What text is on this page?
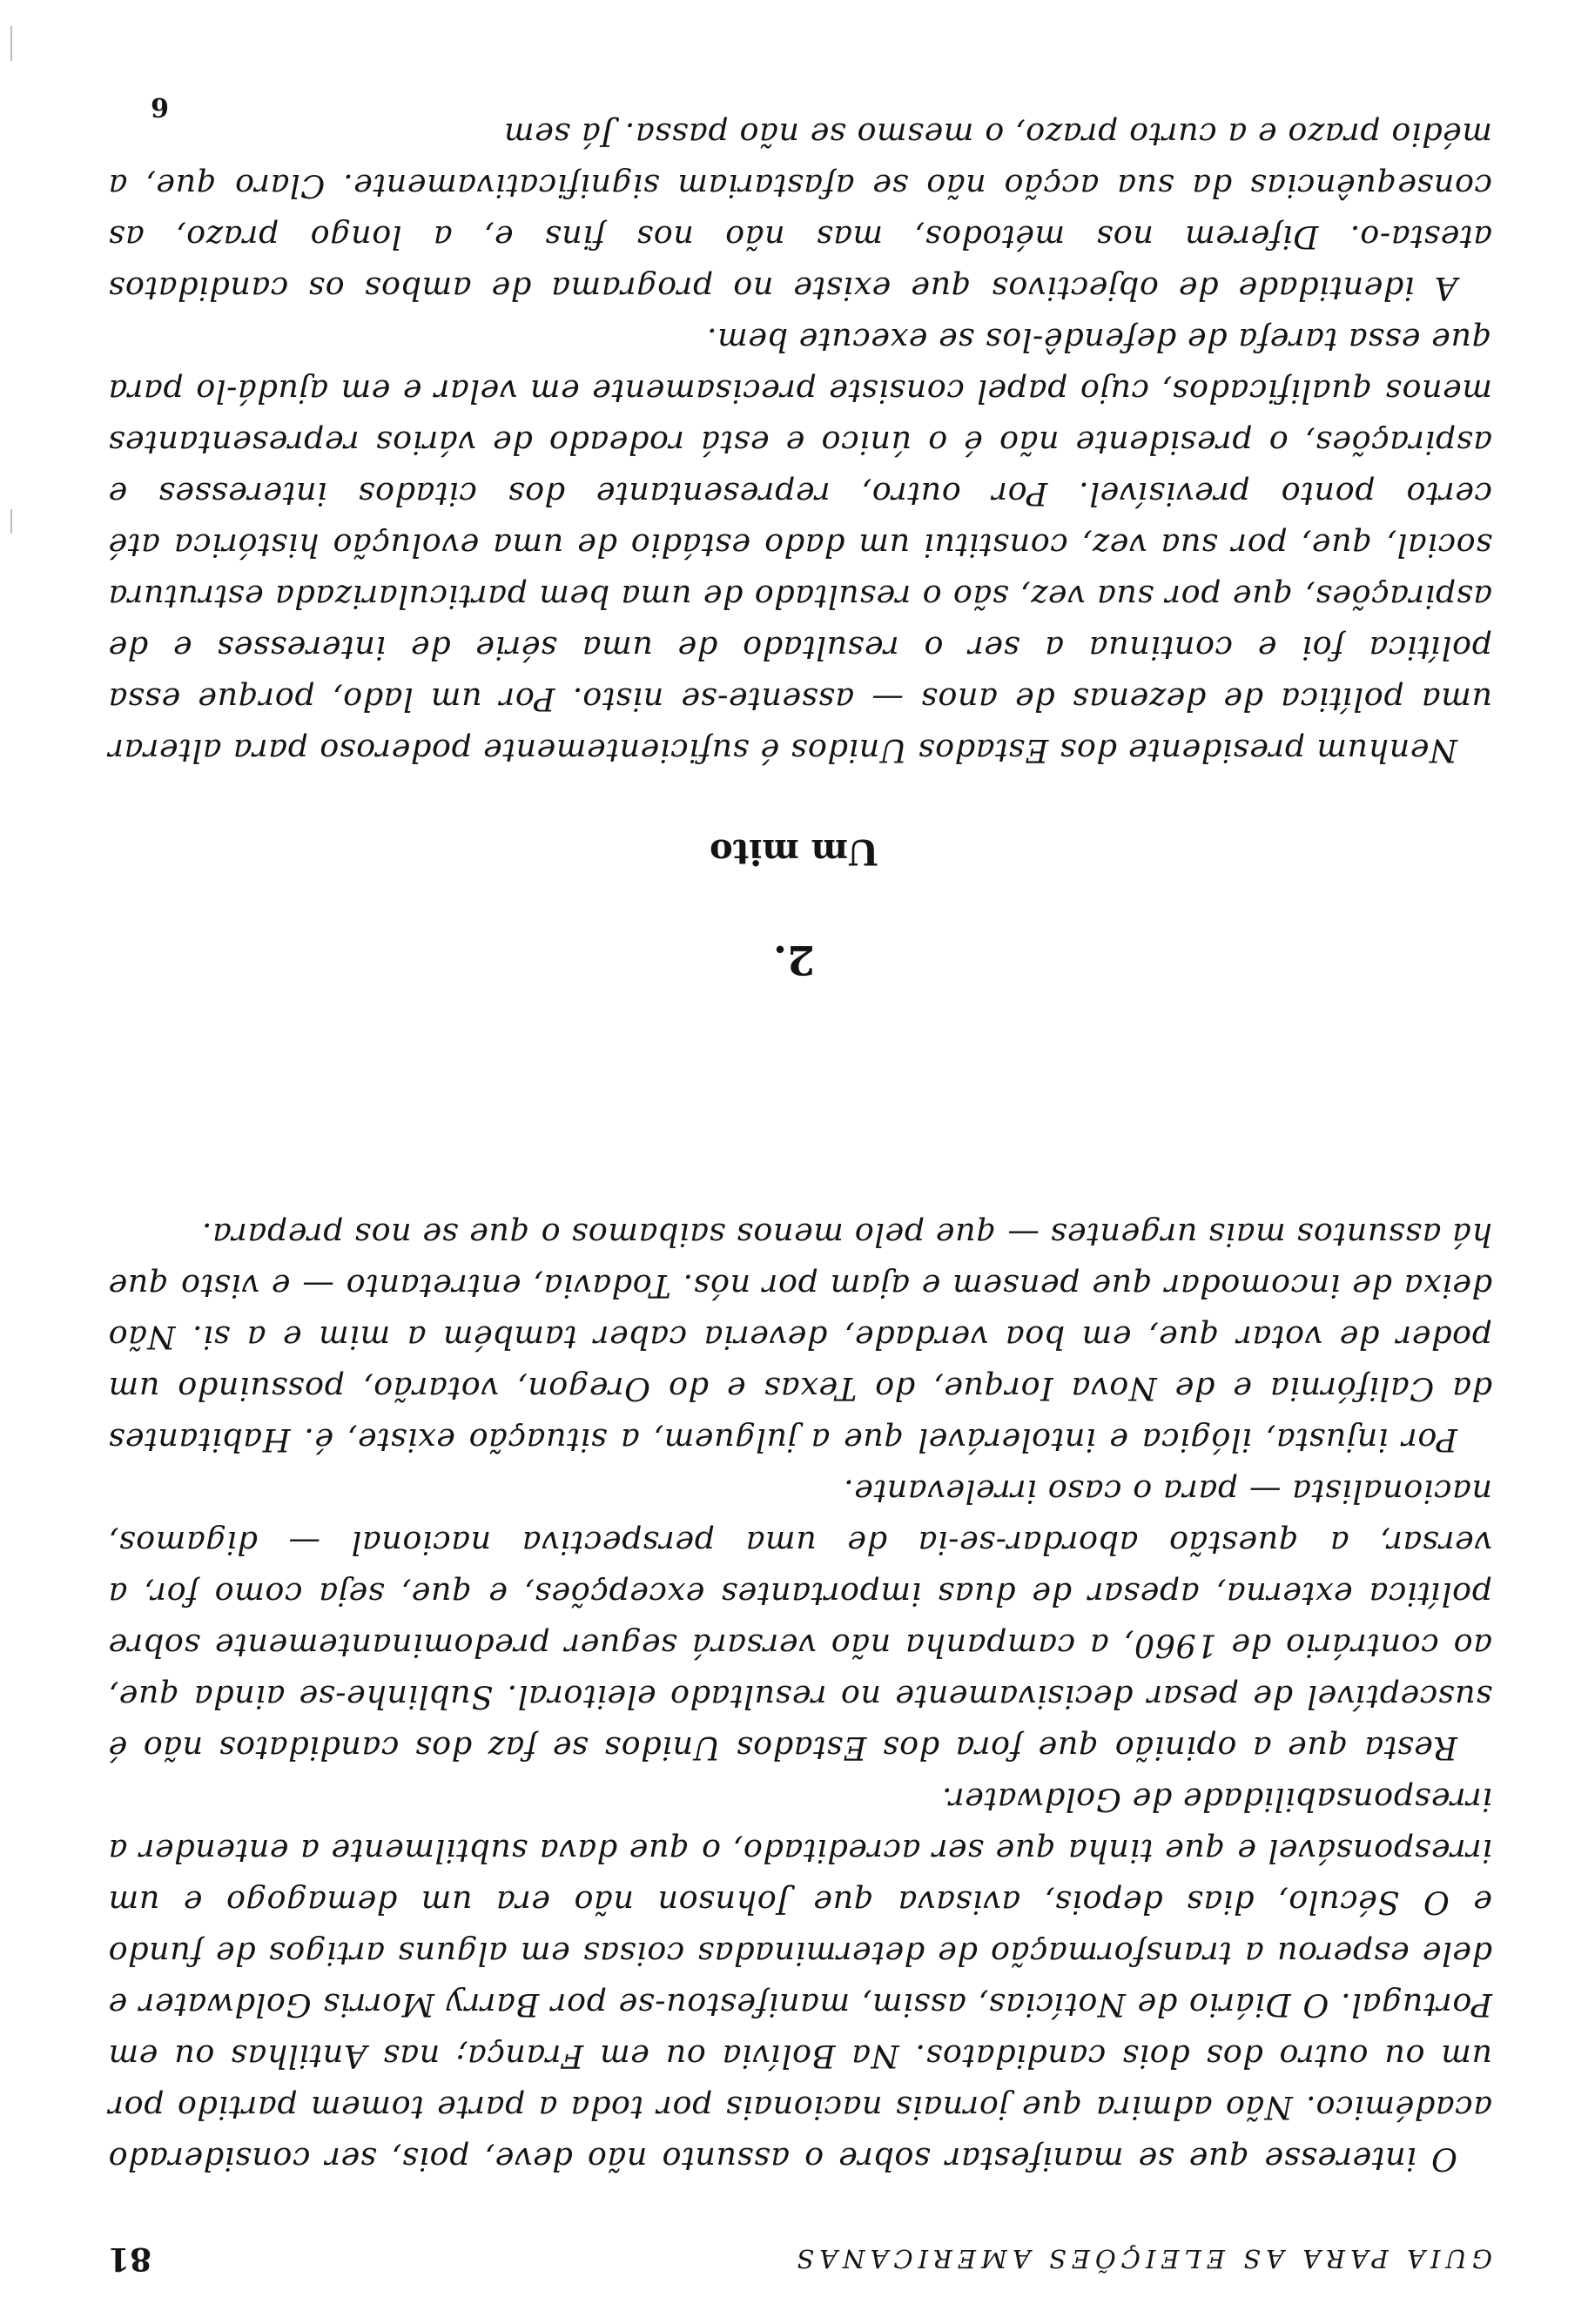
GUIA PARA AS ELEIÇÕES AMERICANAS
81

O interesse que se manifestar sobre o assunto não deve, pois, ser considerado académico. Não admira que jornais nacionais por toda a parte tomem partido por um ou outro dos dois candidatos. Na Bolívia ou em França; nas Antilhas ou em Portugal. O Diário de Notícias, assim, manifestou-se por Barry Morris Goldwater e dele esperou a transformação de determinadas coisas em alguns artigos de fundo e O Século, dias depois, avisava que Johnson não era um demagogo e um irresponsável e que tinha que ser acreditado, o que dava subtilmente a entender a irresponsabilidade de Goldwater.

Resta que a opinião que fora dos Estados Unidos se faz dos candidatos não é susceptível de pesar decisivamente no resultado eleitoral. Sublinhe-se ainda que, ao contrário de 1960, a campanha não versará seguer predominantemente sobre política externa, apesar de duas importantes excepções, e que, seja como for, a versar, a questão abordar-se-ia de uma perspectiva nacional — digamos, nacionalista — para o caso irrelevante.

Por injusta, ilógica e intolerável que a julguem, a situação existe, é. Habitantes da Califórnia e de Nova Iorque, do Texas e do Oregon, votarão, possuindo um poder de votar que, em boa verdade, deveria caber também a mim e a si. Não deixa de incomodar que pensem e ajam por nós. Todavia, entretanto — e visto que há assuntos mais urgentes — que pelo menos saibamos o que se nos prepara.

2.
Um mito

Nenhum presidente dos Estados Unidos é suficientemente poderoso para alterar uma política de dezenas de anos — assente-se nisto. Por um lado, porque essa política foi e continua a ser o resultado de uma série de interesses e de aspirações, que por sua vez, são o resultado de uma bem particularizada estrutura social, que, por sua vez, constitui um dado estádio de uma evolução histórica até certo ponto previsível. Por outro, representante dos citados interesses e aspirações, o presidente não é o único e está rodeado de vários representantes menos qualificados, cujo papel consiste precisamente em velar e em ajudá-lo para que essa tarefa de defendê-los se execute bem.

A identidade de objectivos que existe no programa de ambos os candidatos atesta-o. Diferem nos métodos, mas não nos fins e, a longo prazo, as consequências da sua acção não se afastariam significativamente. Claro que, a médio prazo e a curto prazo, o mesmo se não passa. Já sem

6
